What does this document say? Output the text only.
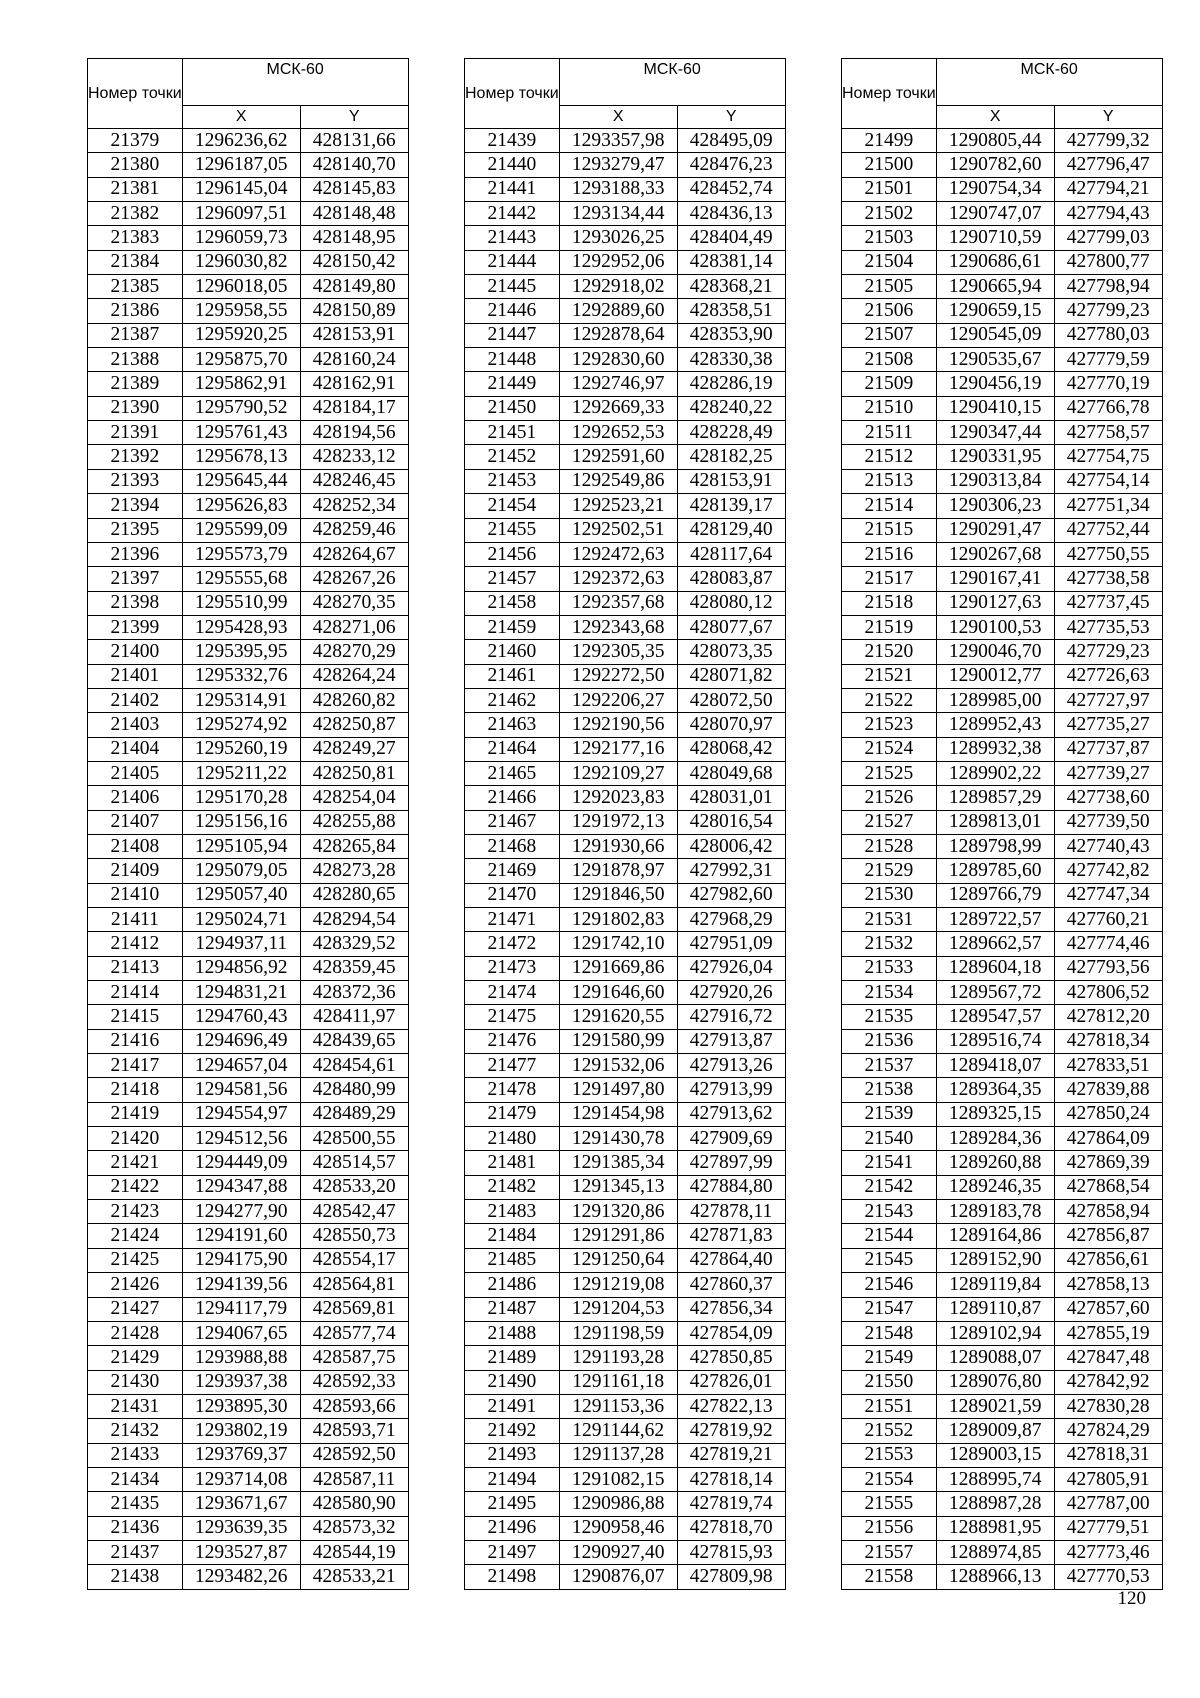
Номер точки	МСК-60	
	X	Y
21379	1296236,62	428131,66
21380	1296187,05	428140,70
21381	1296145,04	428145,83
21382	1296097,51	428148,48
21383	1296059,73	428148,95
21384	1296030,82	428150,42
21385	1296018,05	428149,80
21386	1295958,55	428150,89
21387	1295920,25	428153,91
21388	1295875,70	428160,24
21389	1295862,91	428162,91
21390	1295790,52	428184,17
21391	1295761,43	428194,56
21392	1295678,13	428233,12
21393	1295645,44	428246,45
21394	1295626,83	428252,34
21395	1295599,09	428259,46
21396	1295573,79	428264,67
21397	1295555,68	428267,26
21398	1295510,99	428270,35
21399	1295428,93	428271,06
21400	1295395,95	428270,29
21401	1295332,76	428264,24
21402	1295314,91	428260,82
21403	1295274,92	428250,87
21404	1295260,19	428249,27
21405	1295211,22	428250,81
21406	1295170,28	428254,04
21407	1295156,16	428255,88
21408	1295105,94	428265,84
21409	1295079,05	428273,28
21410	1295057,40	428280,65
21411	1295024,71	428294,54
21412	1294937,11	428329,52
21413	1294856,92	428359,45
21414	1294831,21	428372,36
21415	1294760,43	428411,97
21416	1294696,49	428439,65
21417	1294657,04	428454,61
21418	1294581,56	428480,99
21419	1294554,97	428489,29
21420	1294512,56	428500,55
21421	1294449,09	428514,57
21422	1294347,88	428533,20
21423	1294277,90	428542,47
21424	1294191,60	428550,73
21425	1294175,90	428554,17
21426	1294139,56	428564,81
21427	1294117,79	428569,81
21428	1294067,65	428577,74
21429	1293988,88	428587,75
21430	1293937,38	428592,33
21431	1293895,30	428593,66
21432	1293802,19	428593,71
21433	1293769,37	428592,50
21434	1293714,08	428587,11
21435	1293671,67	428580,90
21436	1293639,35	428573,32
21437	1293527,87	428544,19
21438	1293482,26	428533,21
Номер точки	МСК-60	
	X	Y
21439	1293357,98	428495,09
21440	1293279,47	428476,23
21441	1293188,33	428452,74
21442	1293134,44	428436,13
21443	1293026,25	428404,49
21444	1292952,06	428381,14
21445	1292918,02	428368,21
21446	1292889,60	428358,51
21447	1292878,64	428353,90
21448	1292830,60	428330,38
21449	1292746,97	428286,19
21450	1292669,33	428240,22
21451	1292652,53	428228,49
21452	1292591,60	428182,25
21453	1292549,86	428153,91
21454	1292523,21	428139,17
21455	1292502,51	428129,40
21456	1292472,63	428117,64
21457	1292372,63	428083,87
21458	1292357,68	428080,12
21459	1292343,68	428077,67
21460	1292305,35	428073,35
21461	1292272,50	428071,82
21462	1292206,27	428072,50
21463	1292190,56	428070,97
21464	1292177,16	428068,42
21465	1292109,27	428049,68
21466	1292023,83	428031,01
21467	1291972,13	428016,54
21468	1291930,66	428006,42
21469	1291878,97	427992,31
21470	1291846,50	427982,60
21471	1291802,83	427968,29
21472	1291742,10	427951,09
21473	1291669,86	427926,04
21474	1291646,60	427920,26
21475	1291620,55	427916,72
21476	1291580,99	427913,87
21477	1291532,06	427913,26
21478	1291497,80	427913,99
21479	1291454,98	427913,62
21480	1291430,78	427909,69
21481	1291385,34	427897,99
21482	1291345,13	427884,80
21483	1291320,86	427878,11
21484	1291291,86	427871,83
21485	1291250,64	427864,40
21486	1291219,08	427860,37
21487	1291204,53	427856,34
21488	1291198,59	427854,09
21489	1291193,28	427850,85
21490	1291161,18	427826,01
21491	1291153,36	427822,13
21492	1291144,62	427819,92
21493	1291137,28	427819,21
21494	1291082,15	427818,14
21495	1290986,88	427819,74
21496	1290958,46	427818,70
21497	1290927,40	427815,93
21498	1290876,07	427809,98
Номер точки	МСК-60	
	X	Y
21499	1290805,44	427799,32
21500	1290782,60	427796,47
21501	1290754,34	427794,21
21502	1290747,07	427794,43
21503	1290710,59	427799,03
21504	1290686,61	427800,77
21505	1290665,94	427798,94
21506	1290659,15	427799,23
21507	1290545,09	427780,03
21508	1290535,67	427779,59
21509	1290456,19	427770,19
21510	1290410,15	427766,78
21511	1290347,44	427758,57
21512	1290331,95	427754,75
21513	1290313,84	427754,14
21514	1290306,23	427751,34
21515	1290291,47	427752,44
21516	1290267,68	427750,55
21517	1290167,41	427738,58
21518	1290127,63	427737,45
21519	1290100,53	427735,53
21520	1290046,70	427729,23
21521	1290012,77	427726,63
21522	1289985,00	427727,97
21523	1289952,43	427735,27
21524	1289932,38	427737,87
21525	1289902,22	427739,27
21526	1289857,29	427738,60
21527	1289813,01	427739,50
21528	1289798,99	427740,43
21529	1289785,60	427742,82
21530	1289766,79	427747,34
21531	1289722,57	427760,21
21532	1289662,57	427774,46
21533	1289604,18	427793,56
21534	1289567,72	427806,52
21535	1289547,57	427812,20
21536	1289516,74	427818,34
21537	1289418,07	427833,51
21538	1289364,35	427839,88
21539	1289325,15	427850,24
21540	1289284,36	427864,09
21541	1289260,88	427869,39
21542	1289246,35	427868,54
21543	1289183,78	427858,94
21544	1289164,86	427856,87
21545	1289152,90	427856,61
21546	1289119,84	427858,13
21547	1289110,87	427857,60
21548	1289102,94	427855,19
21549	1289088,07	427847,48
21550	1289076,80	427842,92
21551	1289021,59	427830,28
21552	1289009,87	427824,29
21553	1289003,15	427818,31
21554	1288995,74	427805,91
21555	1288987,28	427787,00
21556	1288981,95	427779,51
21557	1288974,85	427773,46
21558	1288966,13	427770,53
120
